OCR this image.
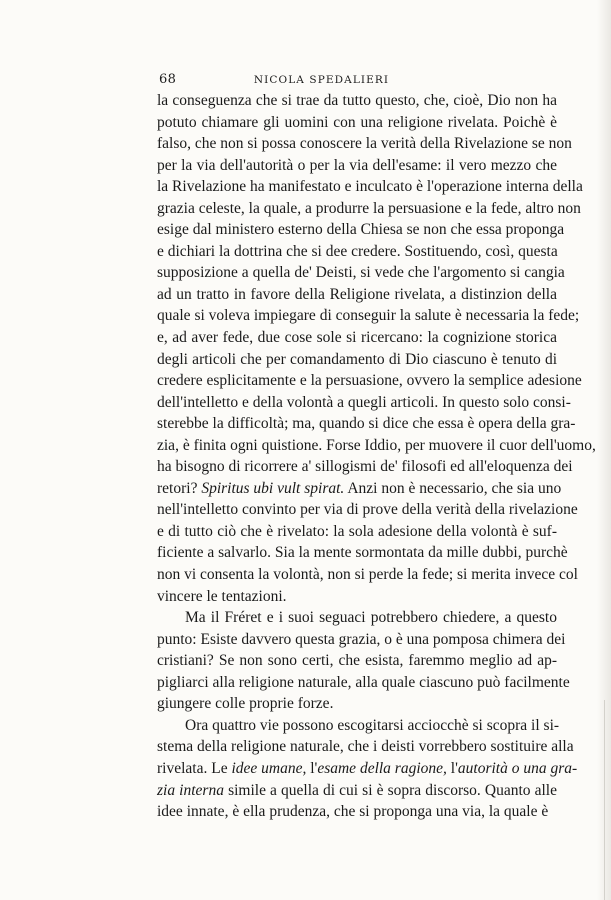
68	NICOLA SPEDALIERI
la conseguenza che si trae da tutto questo, che, cioè, Dio non ha
potuto chiamare gli uomini con una religione rivelata. Poichè è
falso, che non si possa conoscere la verità della Rivelazione se non
per la via dell'autorità o per la via dell'esame: il vero mezzo che
la Rivelazione ha manifestato e inculcato è l'operazione interna della
grazia celeste, la quale, a produrre la persuasione e la fede, altro non
esige dal ministero esterno della Chiesa se non che essa proponga
e dichiari la dottrina che si dee credere. Sostituendo, così, questa
supposizione a quella de' Deisti, si vede che l'argomento si cangia
ad un tratto in favore della Religione rivelata, a distinzion della
quale si voleva impiegare di conseguir la salute è necessaria la fede;
e, ad aver fede, due cose sole si ricercano: la cognizione storica
degli articoli che per comandamento di Dio ciascuno è tenuto di
credere esplicitamente e la persuasione, ovvero la semplice adesione
dell'intelletto e della volontà a quegli articoli. In questo solo consi-
sterebbe la difficoltà; ma, quando si dice che essa è opera della gra-
zia, è finita ogni quistione. Forse Iddio, per muovere il cuor dell'uomo,
ha bisogno di ricorrere a' sillogismi de' filosofi ed all'eloquenza dei
retori? Spiritus ubi vult spirat. Anzi non è necessario, che sia uno
nell'intelletto convinto per via di prove della verità della rivelazione
e di tutto ciò che è rivelato: la sola adesione della volontà è suf-
ficiente a salvarlo. Sia la mente sormontata da mille dubbi, purchè
non vi consenta la volontà, non si perde la fede; si merita invece col
vincere le tentazioni.
Ma il Fréret e i suoi seguaci potrebbero chiedere, a questo
punto: Esiste davvero questa grazia, o è una pomposa chimera dei
cristiani? Se non sono certi, che esista, faremmo meglio ad ap-
pigliarci alla religione naturale, alla quale ciascuno può facilmente
giungere colle proprie forze.
Ora quattro vie possono escogitarsi acciocchè si scopra il si-
stema della religione naturale, che i deisti vorrebbero sostituire alla
rivelata. Le idee umane, l'esame della ragione, l'autorità o una gra-
zia interna simile a quella di cui si è sopra discorso. Quanto alle
idee innate, è ella prudenza, che si proponga una via, la quale è
